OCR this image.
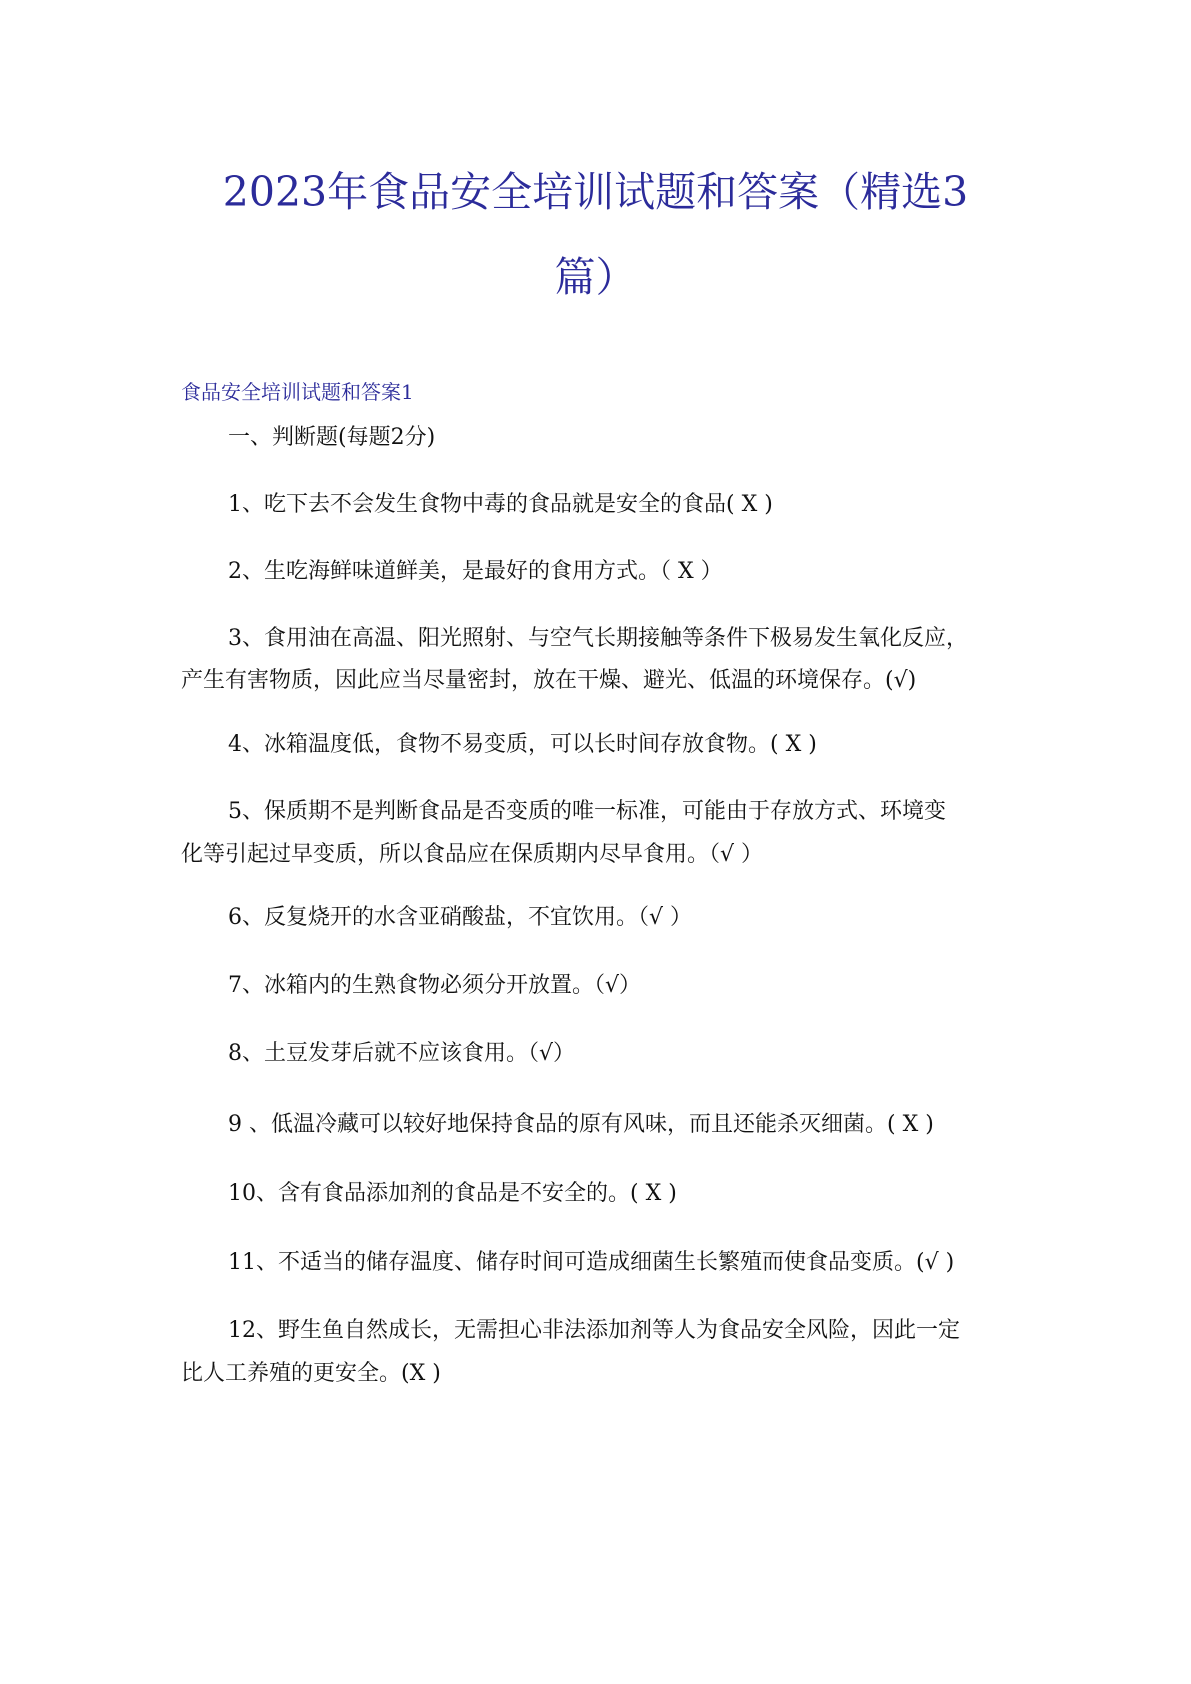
2023年食品安全培训试题和答案（精选3
篇）
食品安全培训试题和答案1

一、判断题(每题2分)

1、吃下去不会发生食物中毒的食品就是安全的食品( X )

2、生吃海鲜味道鲜美，是最好的食用方式。（ X ）

3、食用油在高温、阳光照射、与空气长期接触等条件下极易发生氧化反应，

产生有害物质，因此应当尽量密封，放在干燥、避光、低温的环境保存。(√)

4、冰箱温度低，食物不易变质，可以长时间存放食物。( X )

5、保质期不是判断食品是否变质的唯一标准，可能由于存放方式、环境变

化等引起过早变质，所以食品应在保质期内尽早食用。（√ ）

6、反复烧开的水含亚硝酸盐，不宜饮用。（√ ）

7、冰箱内的生熟食物必须分开放置。（√）

8、土豆发芽后就不应该食用。（√）

9 、低温冷藏可以较好地保持食品的原有风味，而且还能杀灭细菌。( X )

10、含有食品添加剂的食品是不安全的。( X )

11、不适当的储存温度、储存时间可造成细菌生长繁殖而使食品变质。(√ )

12、野生鱼自然成长，无需担心非法添加剂等人为食品安全风险，因此一定

比人工养殖的更安全。(X )
